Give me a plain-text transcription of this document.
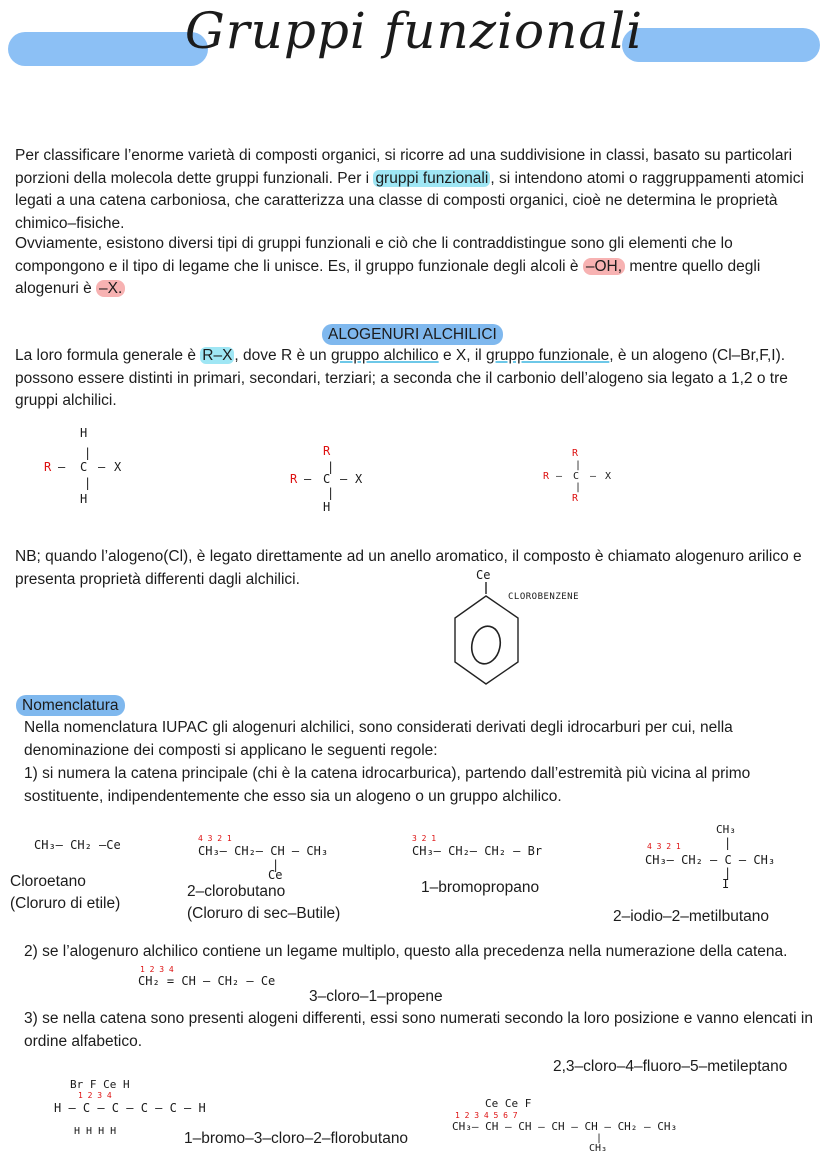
Gruppi funzionali
Per classificare l’enorme varietà di composti organici, si ricorre ad una suddivisione in classi, basato su particolari porzioni della molecola dette gruppi funzionali. Per i gruppi funzionali , si intendono atomi o raggruppamenti atomici legati a una catena carboniosa, che caratterizza una classe di composti organici, cioè ne determina le proprietà chimico–fisiche.
Ovviamente, esistono diversi tipi di gruppi funzionali e ciò che li contraddistingue sono gli elementi che lo compongono e il tipo di legame che li unisce. Es, il gruppo funzionale degli alcoli è –OH, mentre quello degli alogenuri è –X.
ALOGENURI ALCHILICI
La loro formula generale è R–X , dove R è un gruppo alchilico e X, il gruppo funzionale, è un alogeno (Cl–Br,F,I). possono essere distinti in primari, secondari, terziari; a seconda che il carbonio dell’alogeno sia legato a 1,2 o tre gruppi alchilici.
H
|
R – C – X
|
H
R
|
R – C – X
|
H
R
|
R – C – X
|
R
NB; quando l’alogeno(Cl), è legato direttamente ad un anello aromatico, il composto è chiamato alogenuro arilico e presenta proprietà differenti dagli alchilici.	Ce
CLOROBENZENE
Nomenclatura
Nella nomenclatura IUPAC gli alogenuri alchilici, sono considerati derivati degli idrocarburi per cui, nella denominazione dei composti si applicano le seguenti regole:
1) si numera la catena principale (chi è la catena idrocarburica), partendo dall’estremità più vicina al primo sostituente, indipendentemente che esso sia un alogeno o un gruppo alchilico.
CH₃– CH₂ –Ce
Cloroetano
(Cloruro di etile)
4 3 2 1
CH₃– CH₂– CH – CH₃
|
Ce
2–clorobutano
(Cloruro di sec–Butile)
3 2 1
CH₃– CH₂– CH₂ – Br
1–bromopropano
CH₃
|
4 3 2 1
CH₃– CH₂ – C – CH₃
|
I
2–iodio–2–metilbutano
2) se l’alogenuro alchilico contiene un legame multiplo, questo alla precedenza nella numerazione della catena.
1 2 3 4
CH₂ = CH – CH₂ – Ce
3–cloro–1–propene
3) se nella catena sono presenti alogeni differenti, essi sono numerati secondo la loro posizione e vanno elencati in ordine alfabetico.
2,3–cloro–4–fluoro–5–metileptano
Br F Ce H
1 2 3 4
H – C – C – C – C – H
H H H H	1–bromo–3–cloro–2–florobutano
Ce Ce F
1 2 3 4 5 6 7
CH₃– CH – CH – CH – CH – CH₂ – CH₃
|
CH₃
